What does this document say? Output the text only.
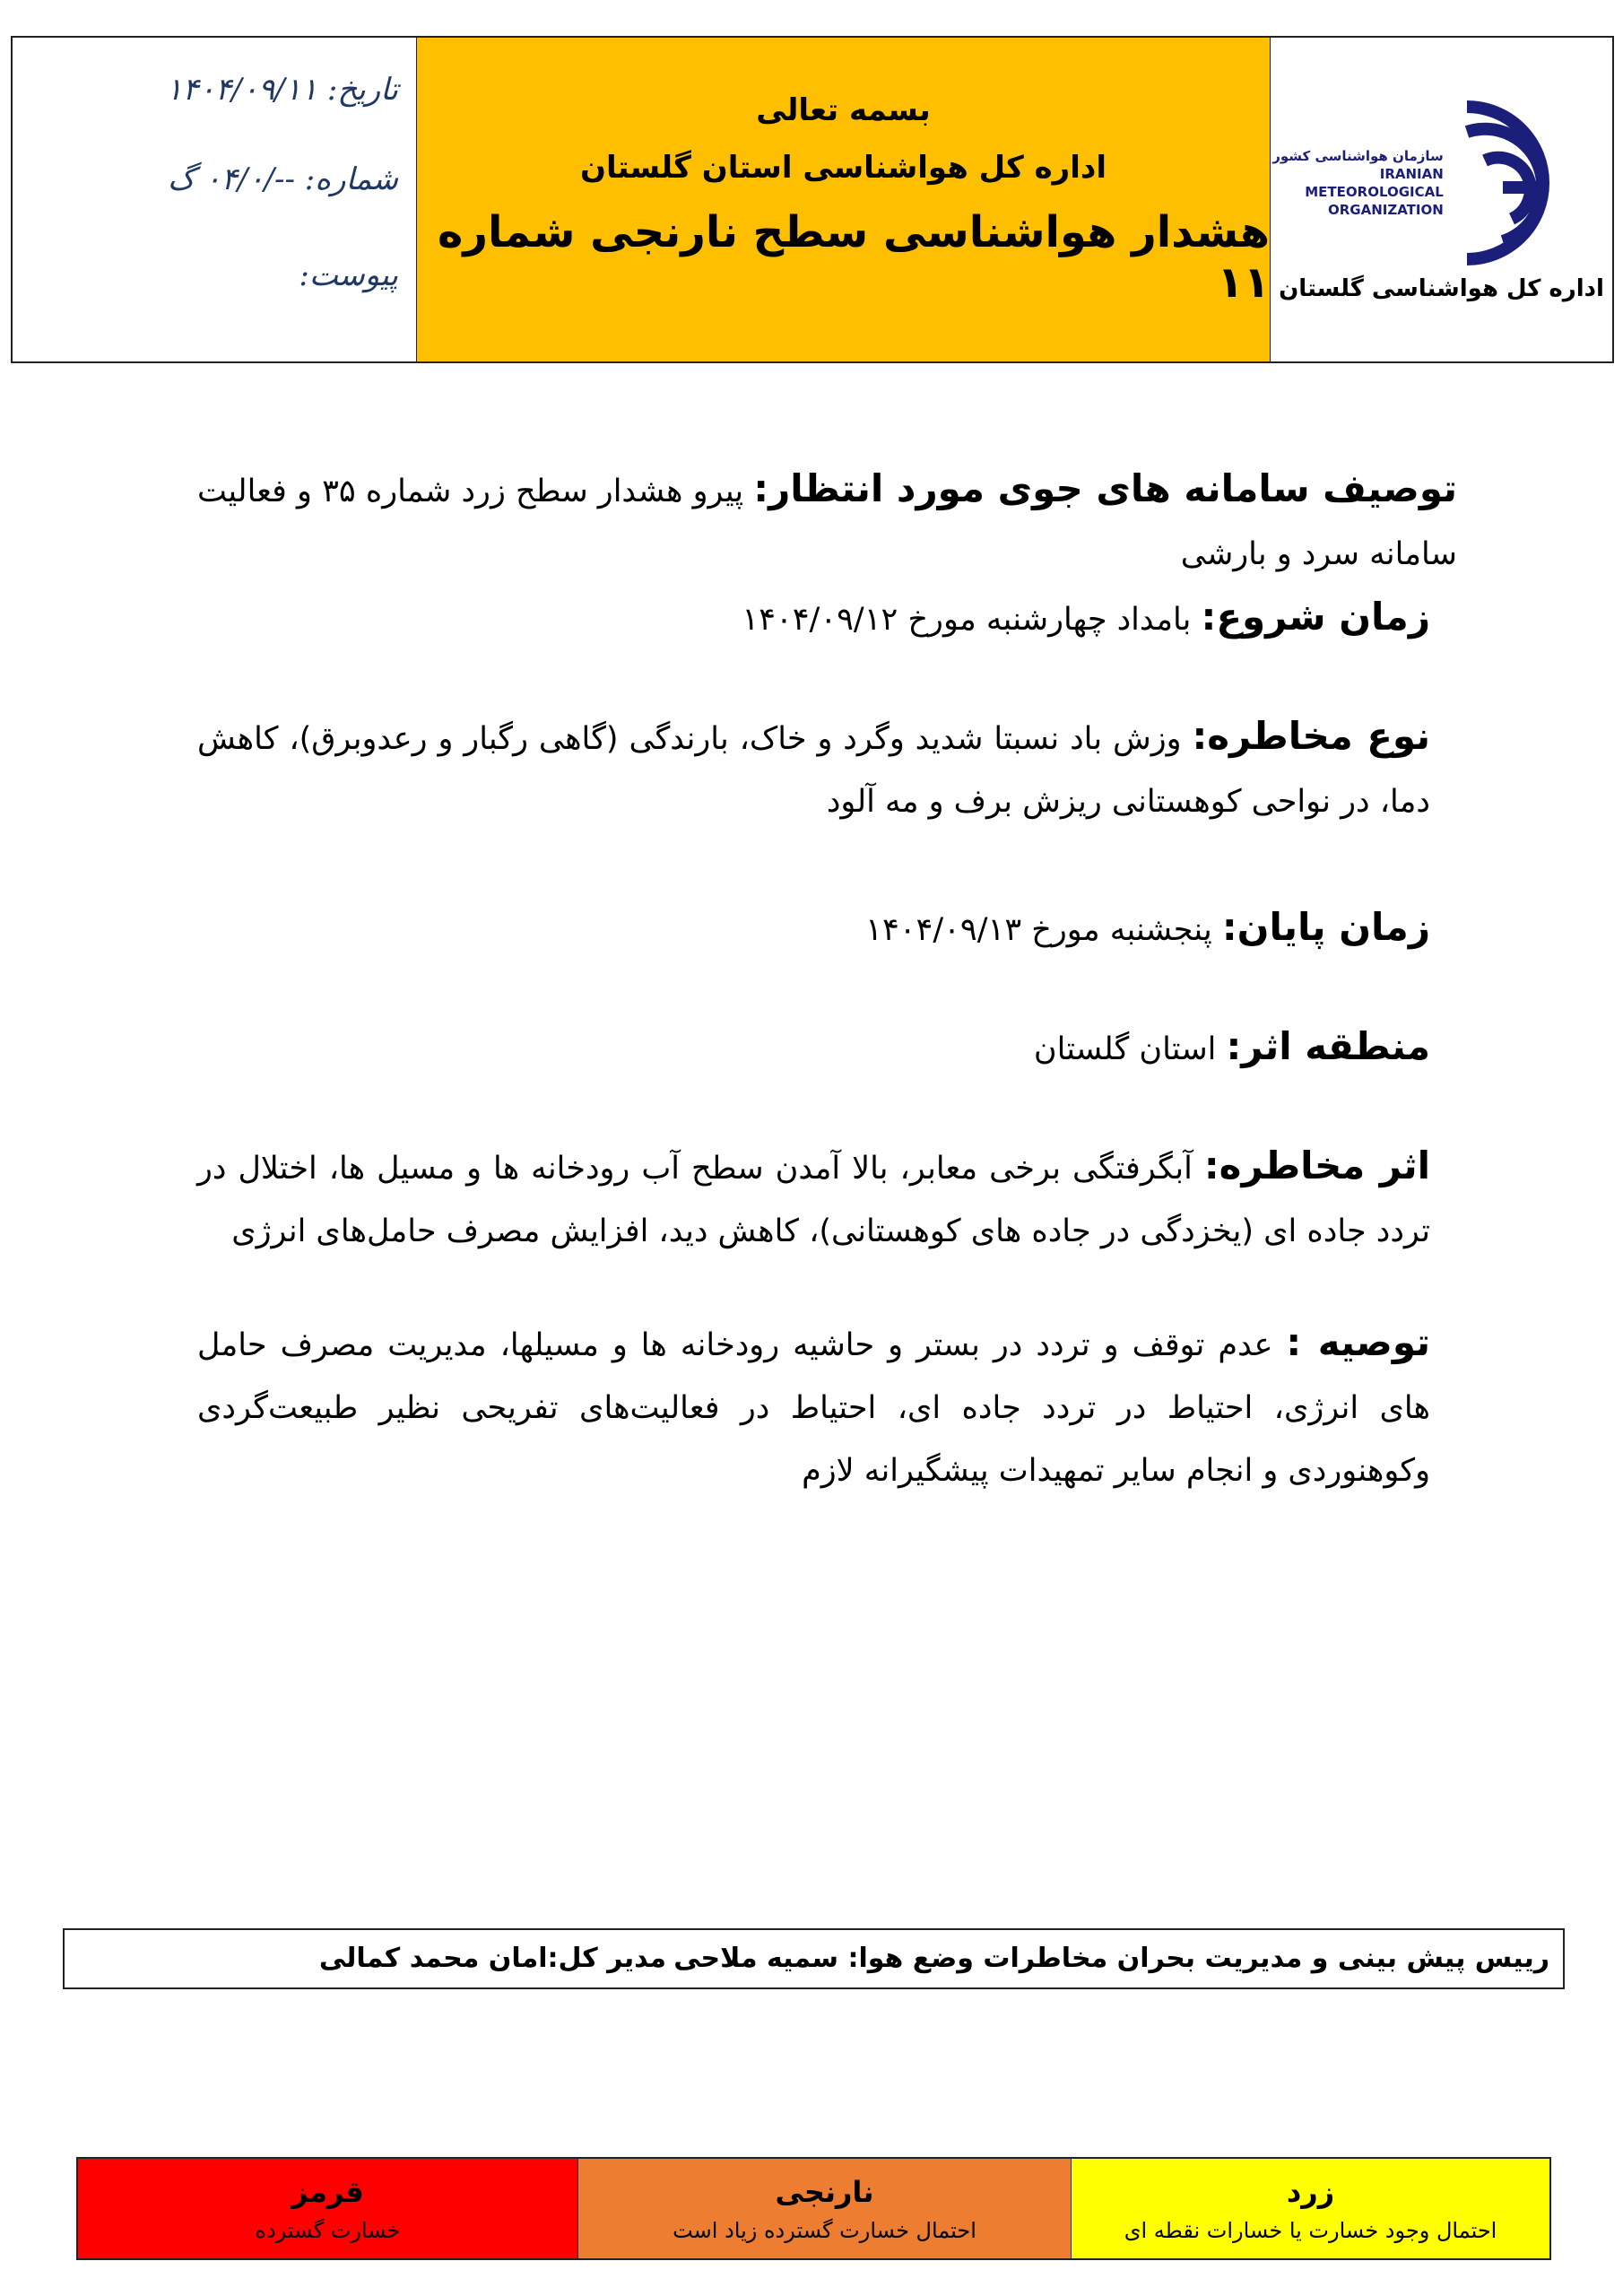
تاریخ: ۱۴۰۴/۰۹/۱۱
شماره: --/۰۴/۰ گ
پیوست:
بسمه تعالی
اداره کل هواشناسی استان گلستان
هشدار هواشناسی سطح نارنجی شماره ۱۱
سازمان هواشناسی کشور
IRANIAN
METEOROLOGICAL
ORGANIZATION
اداره کل هواشناسی گلستان

توصیف سامانه های جوی مورد انتظار: پیرو هشدار سطح زرد شماره ۳۵ و فعالیت سامانه سرد و بارشی

زمان شروع: بامداد چهارشنبه مورخ ۱۴۰۴/۰۹/۱۲

نوع مخاطره: وزش باد نسبتا شدید وگرد و خاک، بارندگی (گاهی رگبار و رعدوبرق)، کاهش دما، در نواحی کوهستانی ریزش برف و مه آلود

زمان پایان: پنجشنبه مورخ ۱۴۰۴/۰۹/۱۳

منطقه اثر: استان گلستان

اثر مخاطره: آبگرفتگی برخی معابر، بالا آمدن سطح آب رودخانه ها و مسیل ها، اختلال در تردد جاده ای (یخزدگی در جاده های کوهستانی)، کاهش دید، افزایش مصرف حامل‌های انرژی

توصیه : عدم توقف و تردد در بستر و حاشیه رودخانه ها و مسیلها، مدیریت مصرف حامل های انرژی، احتیاط در تردد جاده ای، احتیاط در فعالیت‌های تفریحی نظیر طبیعت‌گردی وکوهنوردی و انجام سایر تمهیدات پیشگیرانه لازم

رییس پیش بینی و مدیریت بحران مخاطرات وضع هوا: سمیه ملاحی
مدیر کل:امان محمد کمالی
زرد
احتمال وجود خسارت یا خسارات نقطه ای
نارنجی
احتمال خسارت گسترده زیاد است
قرمز
خسارت گسترده
